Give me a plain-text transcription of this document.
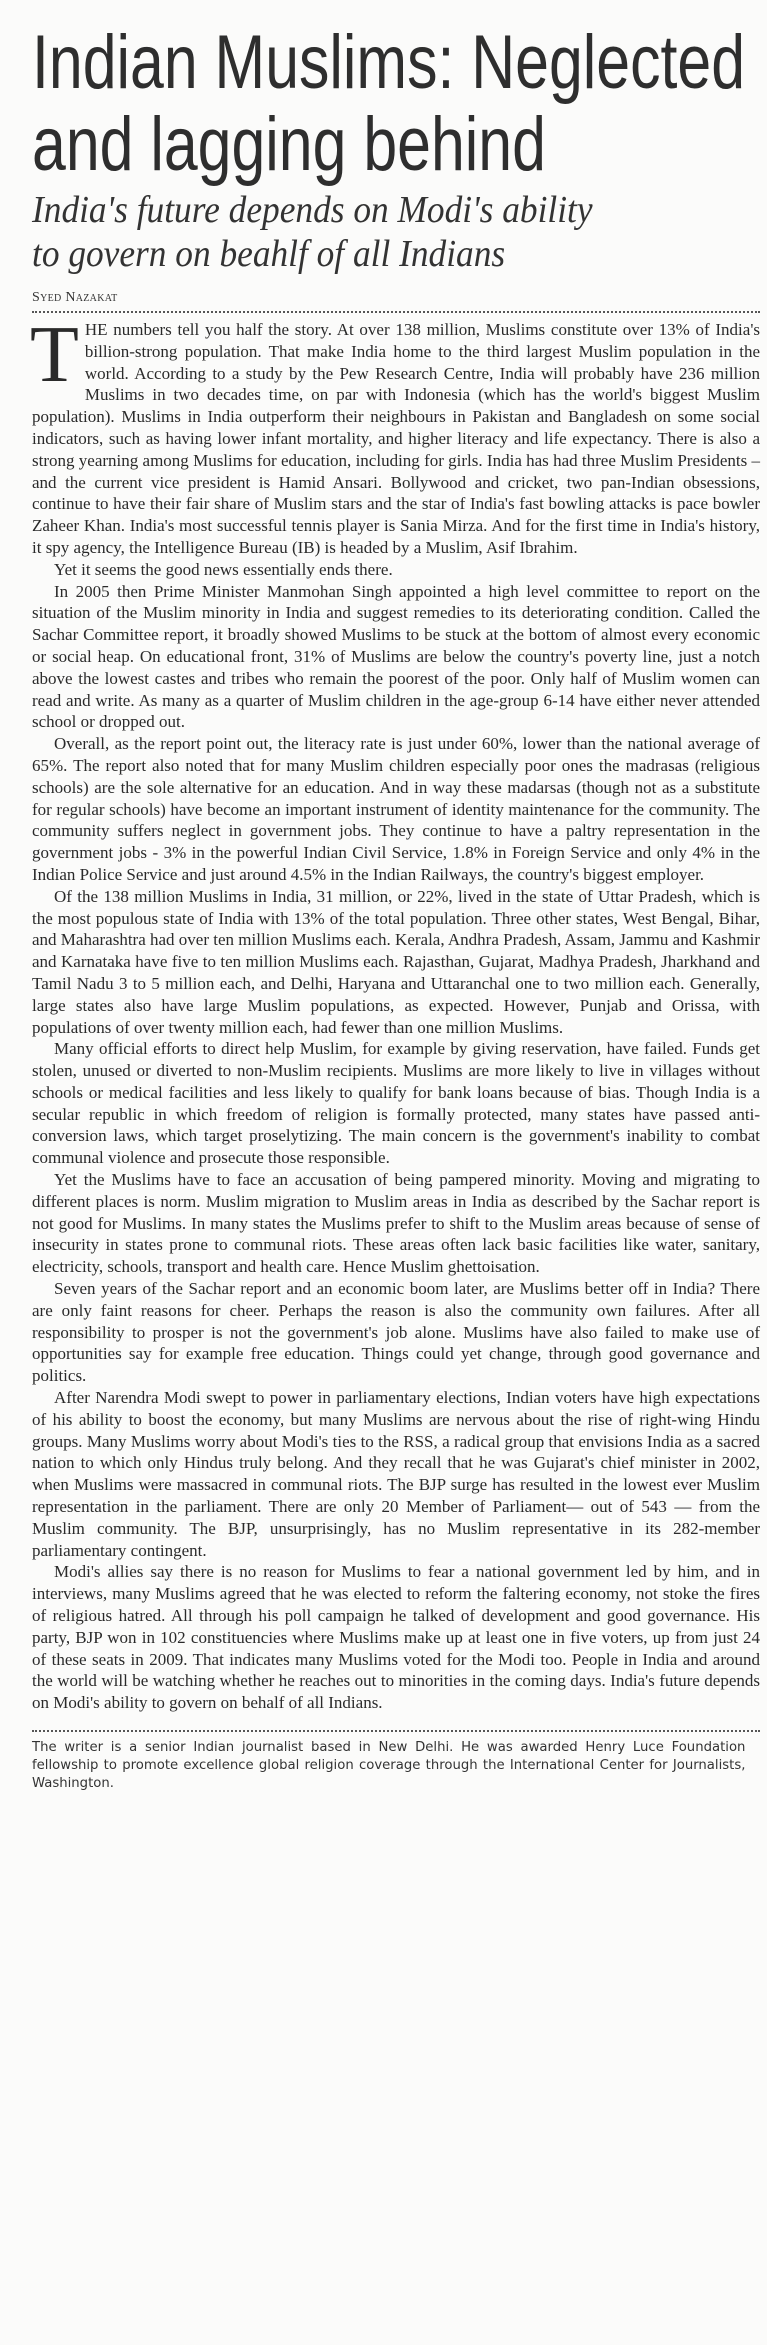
Indian Muslims: Neglected
and lagging behind
India's future depends on Modi's ability
to govern on beahlf of all Indians
Syed Nazakat

THE numbers tell you half the story. At over 138 million, Muslims constitute over 13% of India's billion-strong population. That make India home to the third largest Muslim population in the world. According to a study by the Pew Research Centre, India will probably have 236 million Muslims in two decades time, on par with Indonesia (which has the world's biggest Muslim population). Muslims in India outperform their neighbours in Pakistan and Bangladesh on some social indicators, such as having lower infant mortality, and higher literacy and life expectancy. There is also a strong yearning among Muslims for education, including for girls. India has had three Muslim Presidents – and the current vice president is Hamid Ansari. Bollywood and cricket, two pan-Indian obsessions, continue to have their fair share of Muslim stars and the star of India's fast bowling attacks is pace bowler Zaheer Khan. India's most successful tennis player is Sania Mirza. And for the first time in India's history, it spy agency, the Intelligence Bureau (IB) is headed by a Muslim, Asif Ibrahim.

Yet it seems the good news essentially ends there.

In 2005 then Prime Minister Manmohan Singh appointed a high level committee to report on the situation of the Muslim minority in India and suggest remedies to its deteriorating condition. Called the Sachar Committee report, it broadly showed Muslims to be stuck at the bottom of almost every economic or social heap. On educational front, 31% of Muslims are below the country's poverty line, just a notch above the lowest castes and tribes who remain the poorest of the poor. Only half of Muslim women can read and write. As many as a quarter of Muslim children in the age-group 6-14 have either never attended school or dropped out.

Overall, as the report point out, the literacy rate is just under 60%, lower than the national average of 65%. The report also noted that for many Muslim children especially poor ones the madrasas (religious schools) are the sole alternative for an education. And in way these madarsas (though not as a substitute for regular schools) have become an important instrument of identity maintenance for the community. The community suffers neglect in government jobs. They continue to have a paltry representation in the government jobs - 3% in the powerful Indian Civil Service, 1.8% in Foreign Service and only 4% in the Indian Police Service and just around 4.5% in the Indian Railways, the country's biggest employer.

Of the 138 million Muslims in India, 31 million, or 22%, lived in the state of Uttar Pradesh, which is the most populous state of India with 13% of the total population. Three other states, West Bengal, Bihar, and Maharashtra had over ten million Muslims each. Kerala, Andhra Pradesh, Assam, Jammu and Kashmir and Karnataka have five to ten million Muslims each. Rajasthan, Gujarat, Madhya Pradesh, Jharkhand and Tamil Nadu 3 to 5 million each, and Delhi, Haryana and Uttaranchal one to two million each. Generally, large states also have large Muslim populations, as expected. However, Punjab and Orissa, with populations of over twenty million each, had fewer than one million Muslims.

Many official efforts to direct help Muslim, for example by giving reservation, have failed. Funds get stolen, unused or diverted to non-Muslim recipients. Muslims are more likely to live in villages without schools or medical facilities and less likely to qualify for bank loans because of bias. Though India is a secular republic in which freedom of religion is formally protected, many states have passed anti-conversion laws, which target proselytizing. The main concern is the government's inability to combat communal violence and prosecute those responsible.

Yet the Muslims have to face an accusation of being pampered minority. Moving and migrating to different places is norm. Muslim migration to Muslim areas in India as described by the Sachar report is not good for Muslims. In many states the Muslims prefer to shift to the Muslim areas because of sense of insecurity in states prone to communal riots. These areas often lack basic facilities like water, sanitary, electricity, schools, transport and health care. Hence Muslim ghettoisation.

Seven years of the Sachar report and an economic boom later, are Muslims better off in India? There are only faint reasons for cheer. Perhaps the reason is also the community own failures. After all responsibility to prosper is not the government's job alone. Muslims have also failed to make use of opportunities say for example free education. Things could yet change, through good governance and politics.

After Narendra Modi swept to power in parliamentary elections, Indian voters have high expectations of his ability to boost the economy, but many Muslims are nervous about the rise of right-wing Hindu groups. Many Muslims worry about Modi's ties to the RSS, a radical group that envisions India as a sacred nation to which only Hindus truly belong. And they recall that he was Gujarat's chief minister in 2002, when Muslims were massacred in communal riots. The BJP surge has resulted in the lowest ever Muslim representation in the parliament. There are only 20 Member of Parliament— out of 543 — from the Muslim community. The BJP, unsurprisingly, has no Muslim representative in its 282-member parliamentary contingent.

Modi's allies say there is no reason for Muslims to fear a national government led by him, and in interviews, many Muslims agreed that he was elected to reform the faltering economy, not stoke the fires of religious hatred. All through his poll campaign he talked of development and good governance. His party, BJP won in 102 constituencies where Muslims make up at least one in five voters, up from just 24 of these seats in 2009. That indicates many Muslims voted for the Modi too. People in India and around the world will be watching whether he reaches out to minorities in the coming days. India's future depends on Modi's ability to govern on behalf of all Indians.

The writer is a senior Indian journalist based in New Delhi. He was awarded Henry Luce Foundation fellowship to promote excellence global religion coverage through the International Center for Journalists, Washington.
